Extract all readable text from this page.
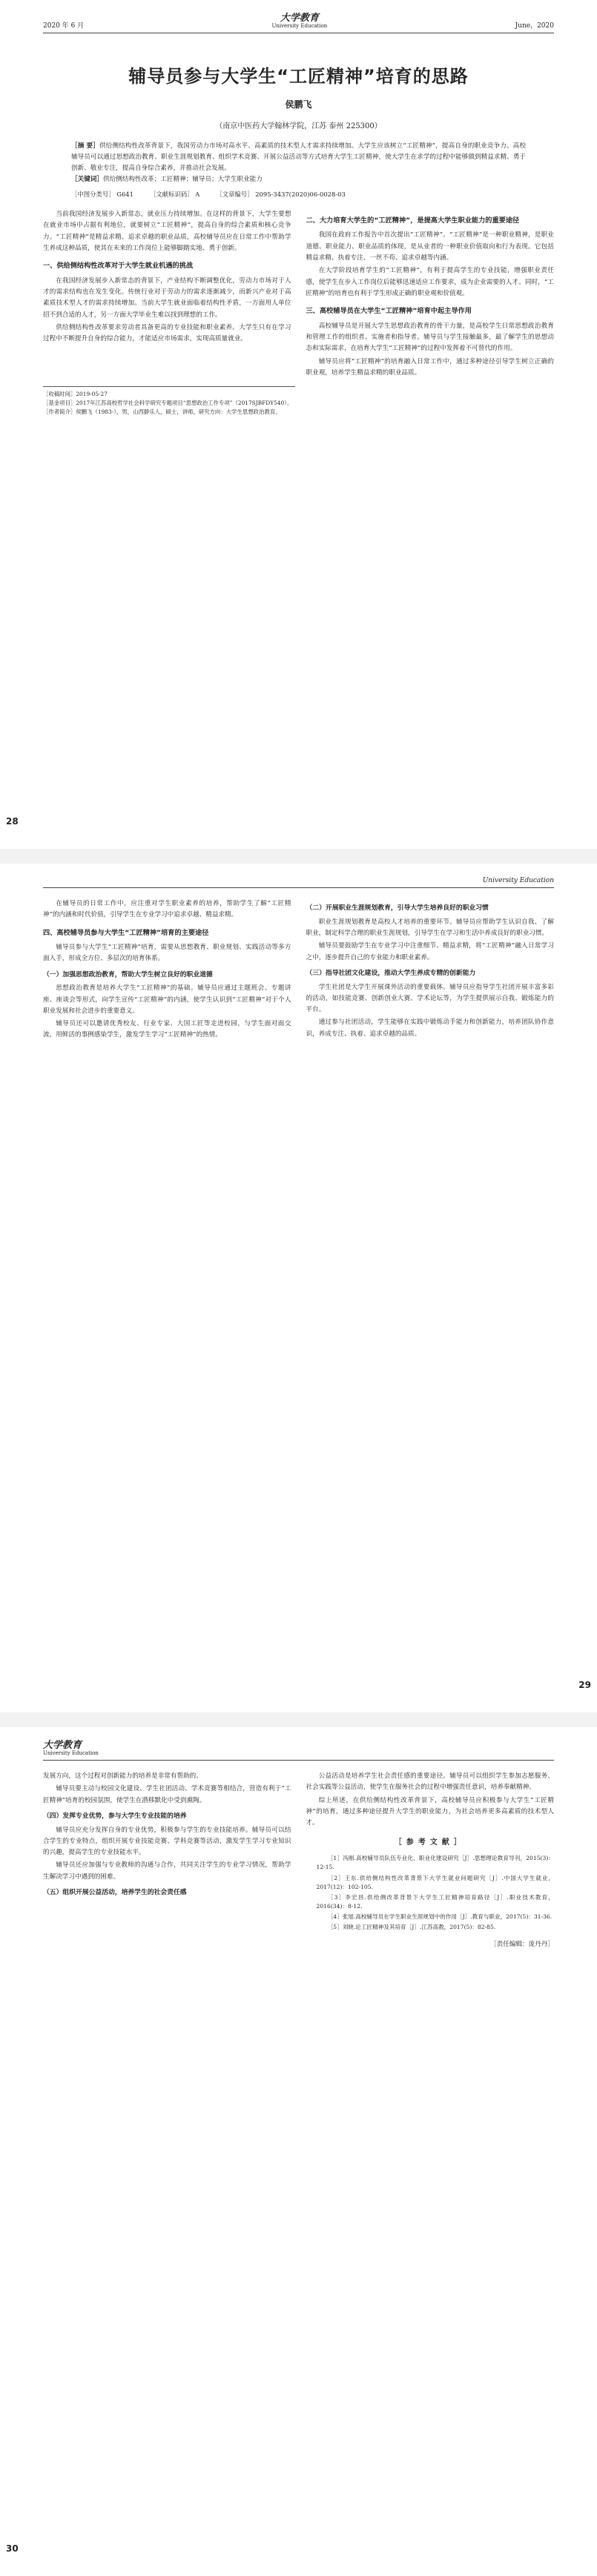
2020 年 6 月
大学教育
University Education	June，2020
辅导员参与大学生“工匠精神”培育的思路
侯鹏飞
（南京中医药大学翰林学院，江苏 泰州 225300）
［摘 要］供给侧结构性改革背景下，我国劳动力市场对高水平、高素质的技术型人才需求持续增加。大学生应该树立“工匠精神”，提高自身的职业竞争力。高校辅导员可以通过思想政治教育、职业生涯规划教育、组织学术竞赛、开展公益活动等方式培育大学生工匠精神，使大学生在求学的过程中能够做到精益求精、勇于创新、敬业专注，提高自身综合素养，并推动社会发展。
［关键词］供给侧结构性改革；工匠精神；辅导员；大学生职业能力
［中图分类号］ G641	［文献标识码］ A	［文章编号］ 2095-3437(2020)06-0028-03

当前我国经济发展步入新常态，就业压力持续增加。在这样的背景下，大学生要想在就业市场中占据有利地位，就要树立“工匠精神”，提高自身的综合素质和核心竞争力。“工匠精神”是精益求精、追求卓越的职业品质，高校辅导员应在日常工作中帮助学生养成这种品质，使其在未来的工作岗位上能够脚踏实地、勇于创新。

一、供给侧结构性改革对于大学生就业机遇的挑战

在我国经济发展步入新常态的背景下，产业结构不断调整优化，劳动力市场对于人才的需求结构也在发生变化。传统行业对于劳动力的需求逐渐减少，而新兴产业对于高素质技术型人才的需求持续增加。当前大学生就业面临着结构性矛盾，一方面用人单位招不到合适的人才，另一方面大学毕业生难以找到理想的工作。

供给侧结构性改革要求劳动者具备更高的专业技能和职业素养。大学生只有在学习过程中不断提升自身的综合能力，才能适应市场需求，实现高质量就业。

二、大力培育大学生的“工匠精神”，是提高大学生职业能力的重要途径

我国在政府工作报告中首次提出“工匠精神”。“工匠精神”是一种职业精神，是职业道德、职业能力、职业品质的体现，是从业者的一种职业价值取向和行为表现。它包括精益求精、执着专注、一丝不苟、追求卓越等内涵。

在大学阶段培育学生的“工匠精神”，有利于提高学生的专业技能，增强职业责任感，使学生在步入工作岗位后能够迅速适应工作要求，成为企业需要的人才。同时，“工匠精神”的培育也有利于学生形成正确的职业观和价值观。

三、高校辅导员在大学生“工匠精神”培育中起主导作用

高校辅导员是开展大学生思想政治教育的骨干力量，是高校学生日常思想政治教育和管理工作的组织者、实施者和指导者。辅导员与学生接触最多，最了解学生的思想动态和实际需求，在培育大学生“工匠精神”的过程中发挥着不可替代的作用。

辅导员应将“工匠精神”的培育融入日常工作中，通过多种途径引导学生树立正确的职业观，培养学生精益求精的职业品质。

［收稿时间］2019-05-27
［基金项目］2017年江苏高校哲学社会科学研究专题项目“思想政治工作专项”（2017SJBFDY540）。
［作者简介］侯鹏飞（1983-），男，山西静乐人，硕士，讲师，研究方向：大学生思想政治教育。
28
University Education

在辅导员的日常工作中，应注重对学生职业素养的培养，帮助学生了解“工匠精神”的内涵和时代价值，引导学生在专业学习中追求卓越、精益求精。

四、高校辅导员参与大学生“工匠精神”培育的主要途径

辅导员参与大学生“工匠精神”培育，需要从思想教育、职业规划、实践活动等多方面入手，形成全方位、多层次的培育体系。

（一）加强思想政治教育，帮助大学生树立良好的职业道德

思想政治教育是培养大学生“工匠精神”的基础。辅导员应通过主题班会、专题讲座、座谈会等形式，向学生宣传“工匠精神”的内涵，使学生认识到“工匠精神”对于个人职业发展和社会进步的重要意义。

辅导员还可以邀请优秀校友、行业专家、大国工匠等走进校园，与学生面对面交流，用鲜活的事例感染学生，激发学生学习“工匠精神”的热情。

（二）开展职业生涯规划教育，引导大学生培养良好的职业习惯

职业生涯规划教育是高校人才培养的重要环节。辅导员应帮助学生认识自我、了解职业，制定科学合理的职业生涯规划，引导学生在学习和生活中养成良好的职业习惯。

辅导员要鼓励学生在专业学习中注重细节、精益求精，将“工匠精神”融入日常学习之中，逐步提升自己的专业能力和职业素养。

（三）指导社团文化建设，推动大学生养成专精的创新能力

学生社团是大学生开展课外活动的重要载体。辅导员应指导学生社团开展丰富多彩的活动，如技能竞赛、创新创业大赛、学术论坛等，为学生提供展示自我、锻炼能力的平台。

通过参与社团活动，学生能够在实践中锻炼动手能力和创新能力，培养团队协作意识，养成专注、执着、追求卓越的品质。

29
大学教育
University Education

发展方向，这个过程对创新能力的培养是非常有帮助的。

辅导员要主动与校园文化建设、学生社团活动、学术竞赛等相结合，营造有利于“工匠精神”培育的校园氛围，使学生在潜移默化中受到熏陶。

（四）发挥专业优势，参与大学生专业技能的培养

辅导员应充分发挥自身的专业优势，积极参与学生的专业技能培养。辅导员可以结合学生的专业特点，组织开展专业技能竞赛、学科竞赛等活动，激发学生学习专业知识的兴趣，提高学生的专业技能水平。

辅导员还应加强与专业教师的沟通与合作，共同关注学生的专业学习情况，帮助学生解决学习中遇到的困难。

（五）组织开展公益活动，培养学生的社会责任感

公益活动是培养学生社会责任感的重要途径。辅导员可以组织学生参加志愿服务、社会实践等公益活动，使学生在服务社会的过程中增强责任意识，培养奉献精神。

综上所述，在供给侧结构性改革背景下，高校辅导员应积极参与大学生“工匠精神”的培育，通过多种途径提升大学生的职业能力，为社会培养更多高素质的技术型人才。

［参考文献］

［1］冯刚.高校辅导员队伍专业化、职业化建设研究［J］.思想理论教育导刊，2015(3)：12-15.

［2］王东.供给侧结构性改革背景下大学生就业问题研究［J］.中国大学生就业，2017(12)：102-105.

［3］李宏昌.供给侧改革背景下大学生工匠精神培育路径［J］.职业技术教育，2016(34)：8-12.

［4］张旭.高校辅导员在学生职业生涯规划中的作用［J］.教育与职业，2017(5)：31-36.

［5］刘晓.论工匠精神及其培育［J］.江苏高教，2017(5)：82-85.

［责任编辑：庞丹丹］
30
